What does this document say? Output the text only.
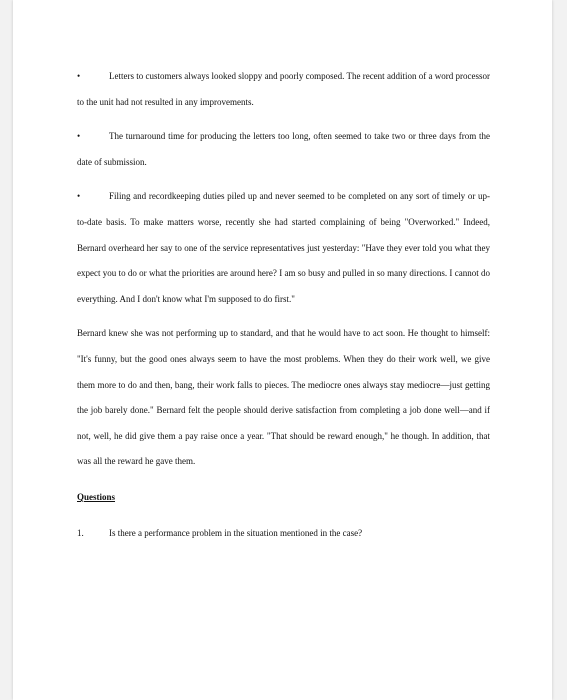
•	Letters to customers always looked sloppy and poorly composed. The recent addition of a word processor to the unit had not resulted in any improvements.

•	The turnaround time for producing the letters too long, often seemed to take two or three days from the date of submission.

•	Filing and recordkeeping duties piled up and never seemed to be completed on any sort of timely or up-to-date basis. To make matters worse, recently she had started complaining of being "Overworked." Indeed, Bernard overheard her say to one of the service representatives just yesterday: "Have they ever told you what they expect you to do or what the priorities are around here? I am so busy and pulled in so many directions. I cannot do everything. And I don't know what I'm supposed to do first."

Bernard knew she was not performing up to standard, and that he would have to act soon. He thought to himself: "It's funny, but the good ones always seem to have the most problems. When they do their work well, we give them more to do and then, bang, their work falls to pieces. The mediocre ones always stay mediocre—just getting the job barely done." Bernard felt the people should derive satisfaction from completing a job done well—and if not, well, he did give them a pay raise once a year. "That should be reward enough," he though. In addition, that was all the reward he gave them.

Questions

1.	Is there a performance problem in the situation mentioned in the case?
